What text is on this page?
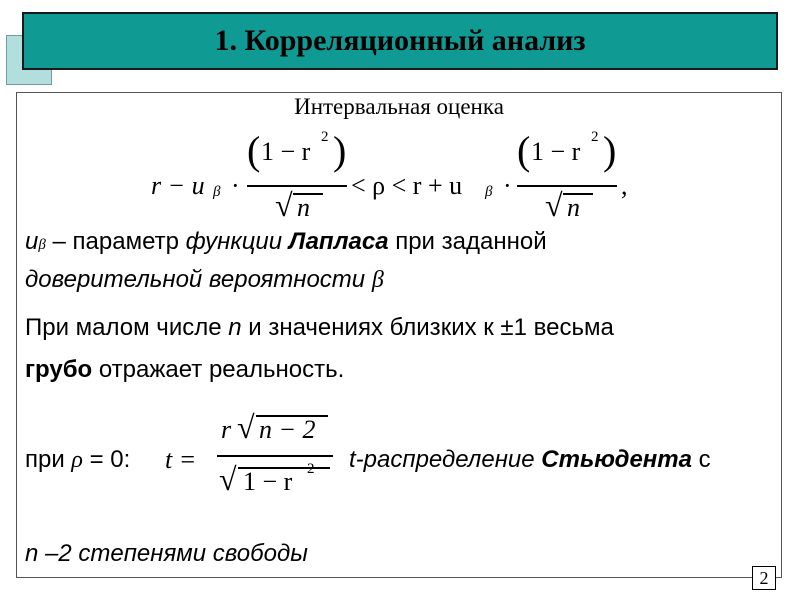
1. Корреляционный анализ
Интервальная оценка
r − u β ·
( 1 − r 2 )
√ n
< ρ < r + u β ·
( 1 − r 2 )
√ n
,
uβ – параметр функции Лапласа при заданной
доверительной вероятности β
При малом числе n и значениях близких к ±1 весьма
грубо отражает реальность.
при ρ = 0: t =
r √ n − 2
√ 1 − r 2 t-распределение Стьюдента с
n –2 степенями свободы
2
